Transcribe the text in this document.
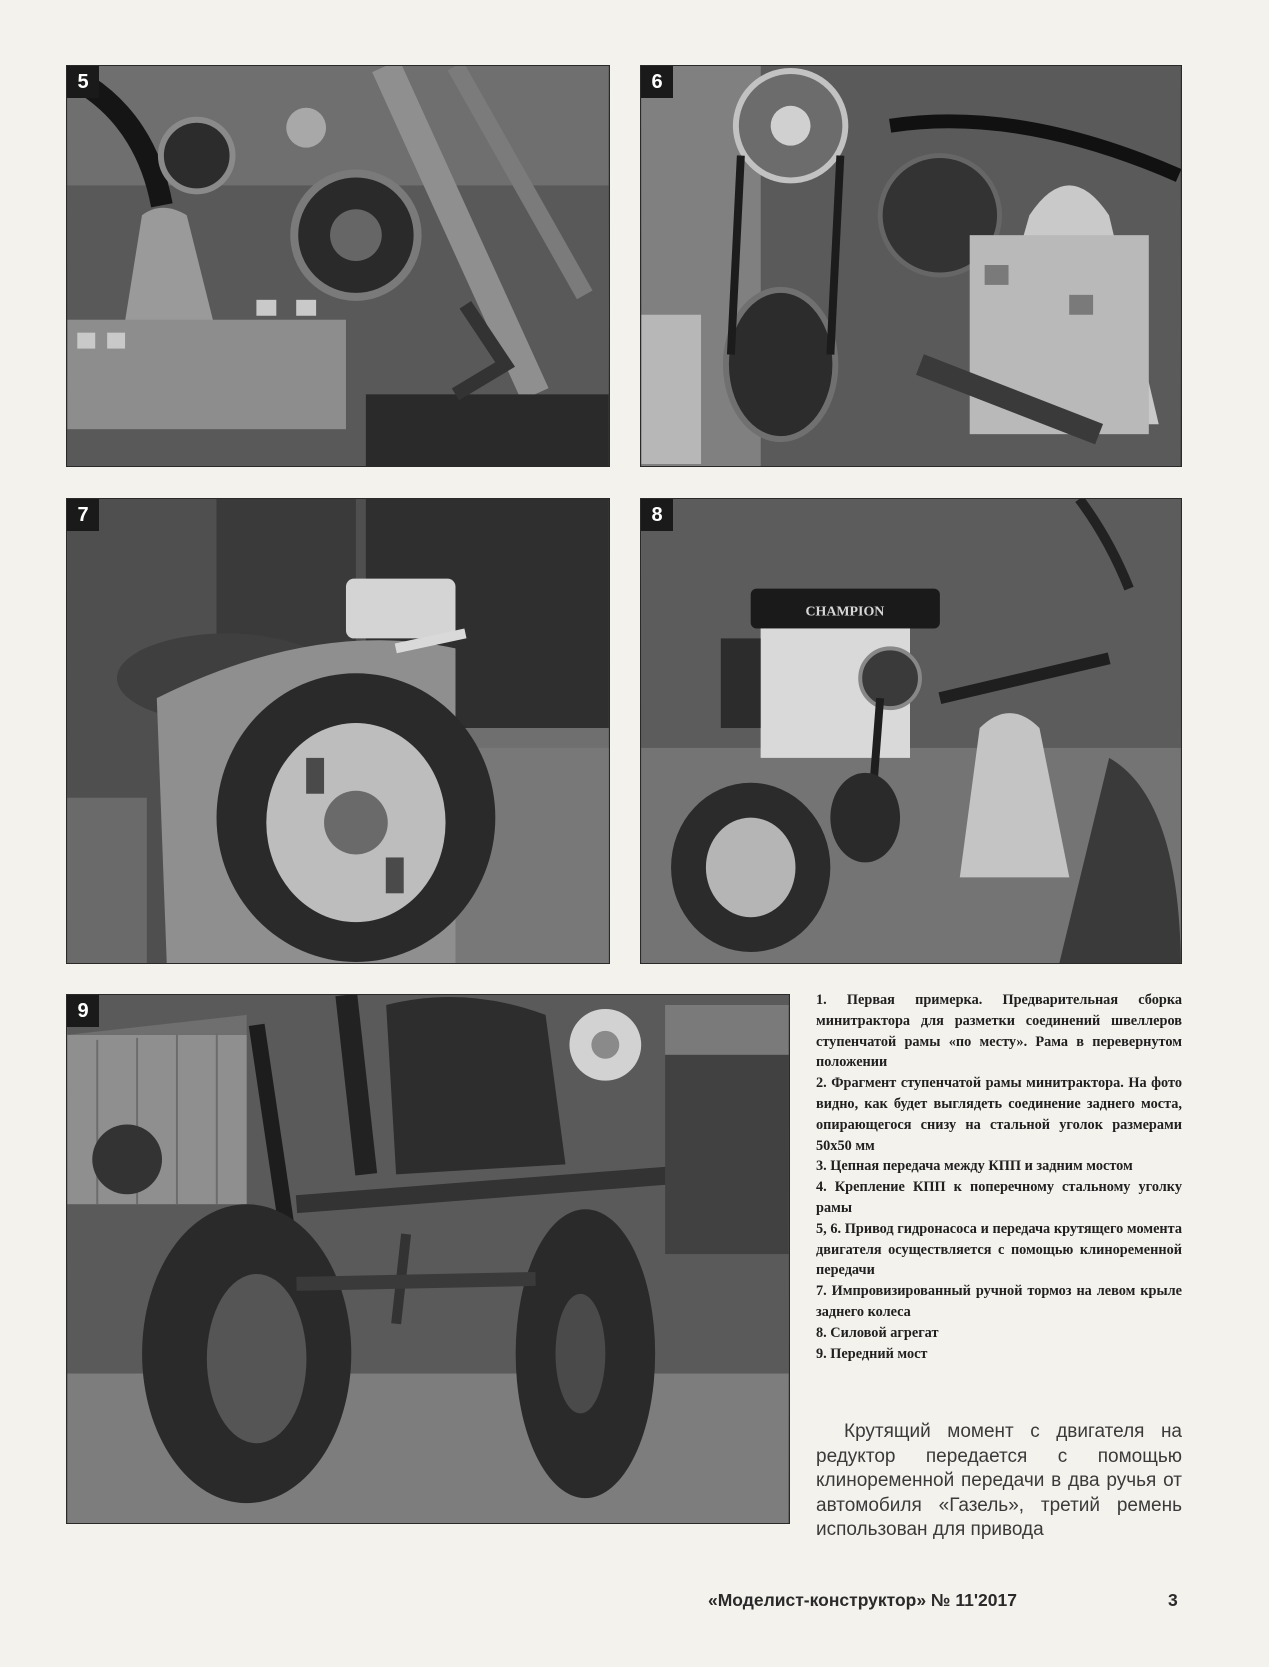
5	6
7	8
CHAMPION
9	1. Первая примерка. Предварительная сборка минитрактора для разметки соединений швеллеров ступенчатой рамы «по месту». Рама в перевернутом положении

2. Фрагмент ступенчатой рамы минитрактора. На фото видно, как будет выглядеть соединение заднего моста, опирающегося снизу на стальной уголок размерами 50х50 мм

3. Цепная передача между КПП и задним мостом

4. Крепление КПП к поперечному стальному уголку рамы

5, 6. Привод гидронасоса и передача крутящего момента двигателя осуществляется с помощью клиноременной передачи

7. Импровизированный ручной тормоз на левом крыле заднего колеса

8. Силовой агрегат

9. Передний мост

Крутящий момент с двигателя на редуктор передается с помощью клиноременной передачи в два ручья от автомобиля «Газель», третий ремень использован для привода

«Моделист-конструктор» № 11'2017	3
